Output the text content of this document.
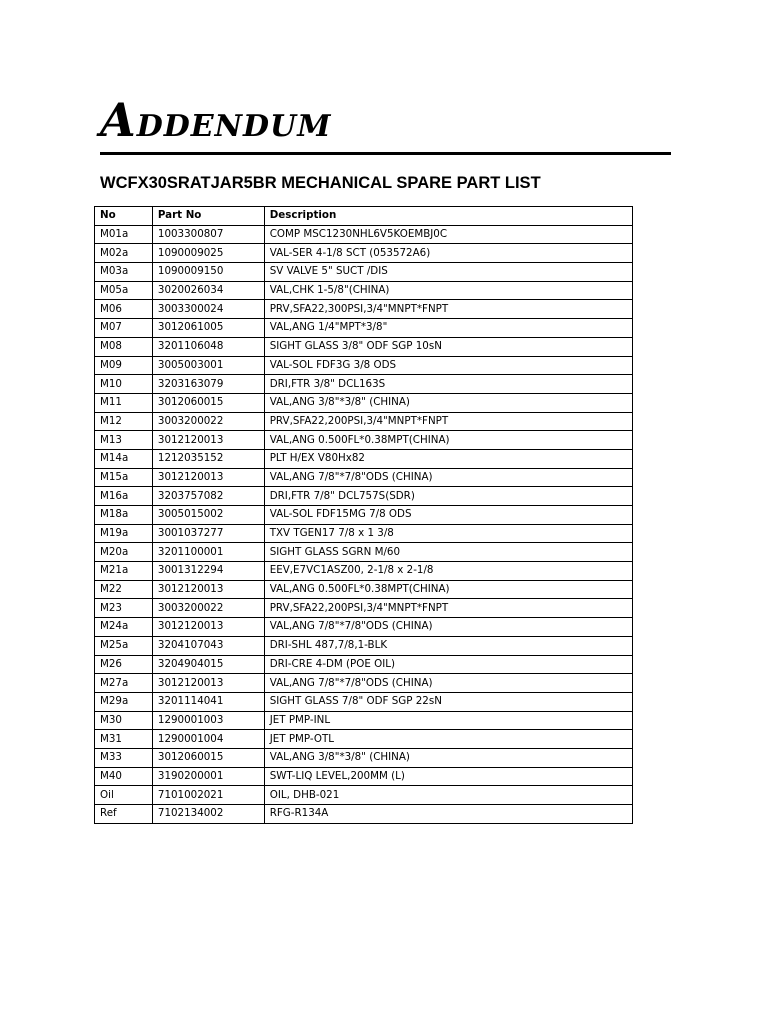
ADDENDUM
WCFX30SRATJAR5BR MECHANICAL SPARE PART LIST
No	Part No	Description
M01a	1003300807	COMP MSC1230NHL6V5KOEMBJ0C
M02a	1090009025	VAL-SER 4-1/8 SCT (053572A6)
M03a	1090009150	SV VALVE 5" SUCT /DIS
M05a	3020026034	VAL,CHK 1-5/8"(CHINA)
M06	3003300024	PRV,SFA22,300PSI,3/4"MNPT*FNPT
M07	3012061005	VAL,ANG 1/4"MPT*3/8"
M08	3201106048	SIGHT GLASS 3/8" ODF SGP 10sN
M09	3005003001	VAL-SOL FDF3G 3/8 ODS
M10	3203163079	DRI,FTR 3/8" DCL163S
M11	3012060015	VAL,ANG 3/8"*3/8" (CHINA)
M12	3003200022	PRV,SFA22,200PSI,3/4"MNPT*FNPT
M13	3012120013	VAL,ANG 0.500FL*0.38MPT(CHINA)
M14a	1212035152	PLT H/EX V80Hx82
M15a	3012120013	VAL,ANG 7/8"*7/8"ODS (CHINA)
M16a	3203757082	DRI,FTR 7/8" DCL757S(SDR)
M18a	3005015002	VAL-SOL FDF15MG 7/8 ODS
M19a	3001037277	TXV TGEN17 7/8 x 1 3/8
M20a	3201100001	SIGHT GLASS SGRN M/60
M21a	3001312294	EEV,E7VC1ASZ00, 2-1/8 x 2-1/8
M22	3012120013	VAL,ANG 0.500FL*0.38MPT(CHINA)
M23	3003200022	PRV,SFA22,200PSI,3/4"MNPT*FNPT
M24a	3012120013	VAL,ANG 7/8"*7/8"ODS (CHINA)
M25a	3204107043	DRI-SHL 487,7/8,1-BLK
M26	3204904015	DRI-CRE 4-DM (POE OIL)
M27a	3012120013	VAL,ANG 7/8"*7/8"ODS (CHINA)
M29a	3201114041	SIGHT GLASS 7/8" ODF SGP 22sN
M30	1290001003	JET PMP-INL
M31	1290001004	JET PMP-OTL
M33	3012060015	VAL,ANG 3/8"*3/8" (CHINA)
M40	3190200001	SWT-LIQ LEVEL,200MM (L)
Oil	7101002021	OIL, DHB-021
Ref	7102134002	RFG-R134A
